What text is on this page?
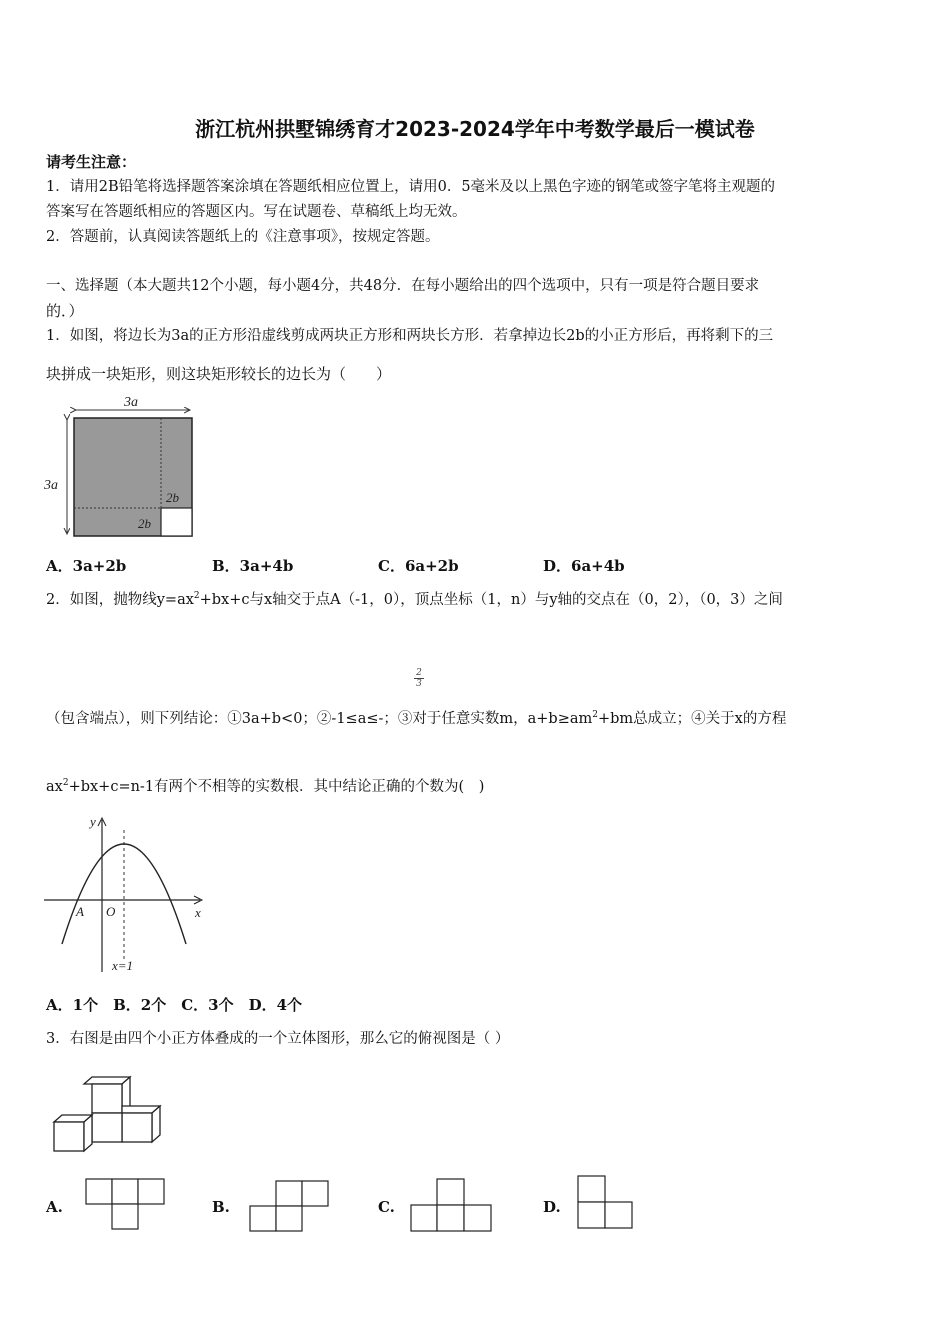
浙江杭州拱墅锦绣育才2023-2024学年中考数学最后一模试卷
请考生注意：
1．请用2B铅笔将选择题答案涂填在答题纸相应位置上，请用0．5毫米及以上黑色字迹的钢笔或签字笔将主观题的
答案写在答题纸相应的答题区内。写在试题卷、草稿纸上均无效。
2．答题前，认真阅读答题纸上的《注意事项》，按规定答题。
一、选择题（本大题共12个小题，每小题4分，共48分．在每小题给出的四个选项中，只有一项是符合题目要求
的．）
1．如图，将边长为3a的正方形沿虚线剪成两块正方形和两块长方形．若拿掉边长2b的小正方形后，再将剩下的三
块拼成一块矩形，则这块矩形较长的边长为（　　）
3a
3a
2b
2b
A．3a+2b	B．3a+4b	C．6a+2b	D．6a+4b
2．如图，抛物线$y=ax^2+bx+c$与x轴交于点A（-1，0），顶点坐标（1，n）与y轴的交点在（0，2），（0，3）之间
2
3
（包含端点），则下列结论：①3a+b<0；②-1≤a≤-；③对于任意实数m，$a+b\ge am^2+bm$总成立；④关于x的方程
$ax^2+bx+c=n-1$有两个不相等的实数根．其中结论正确的个数为(　)
y
x
A O
x=1
A．1个　B．2个　C．3个　D．4个
3．右图是由四个小正方体叠成的一个立体图形，那么它的俯视图是（ ）
A.	B.	C.	D.
